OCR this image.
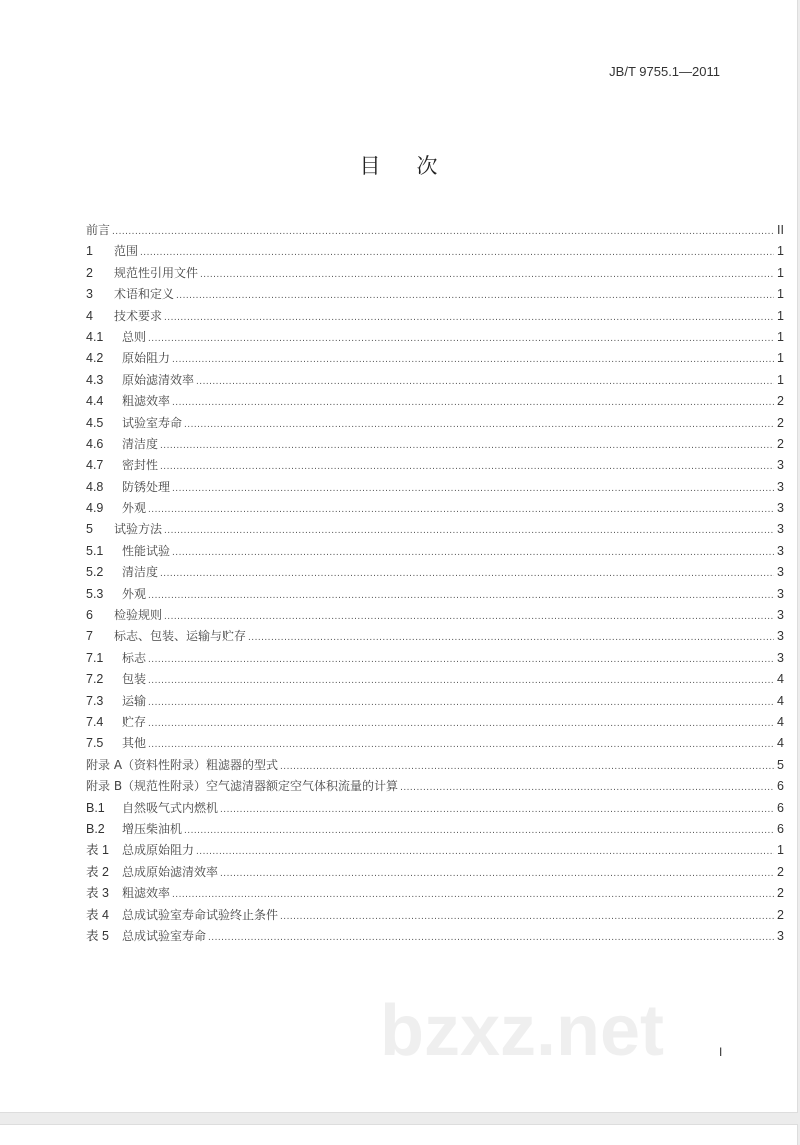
JB/T 9755.1—2011
目次
前言 .....	II
1	范围 .....	1
2	规范性引用文件 .....	1
3	术语和定义 .....	1
4	技术要求 .....	1
4.1	总则 .....	1
4.2	原始阻力 .....	1
4.3	原始滤清效率 .....	1
4.4	粗滤效率 .....	2
4.5	试验室寿命 .....	2
4.6	清洁度 .....	2
4.7	密封性 .....	3
4.8	防锈处理 .....	3
4.9	外观 .....	3
5	试验方法 .....	3
5.1	性能试验 .....	3
5.2	清洁度 .....	3
5.3	外观 .....	3
6	检验规则 .....	3
7	标志、包装、运输与贮存 .....	3
7.1	标志 .....	3
7.2	包装 .....	4
7.3	运输 .....	4
7.4	贮存 .....	4
7.5	其他 .....	4
附录 A（资料性附录）粗滤器的型式 .....	5
附录 B（规范性附录）空气滤清器额定空气体积流量的计算 .....	6
B.1	自然吸气式内燃机 .....	6
B.2	增压柴油机 .....	6
表 1	总成原始阻力 .....	1
表 2	总成原始滤清效率 .....	2
表 3	粗滤效率 .....	2
表 4	总成试验室寿命试验终止条件 .....	2
表 5	总成试验室寿命 .....	3
bzxz.net	I
